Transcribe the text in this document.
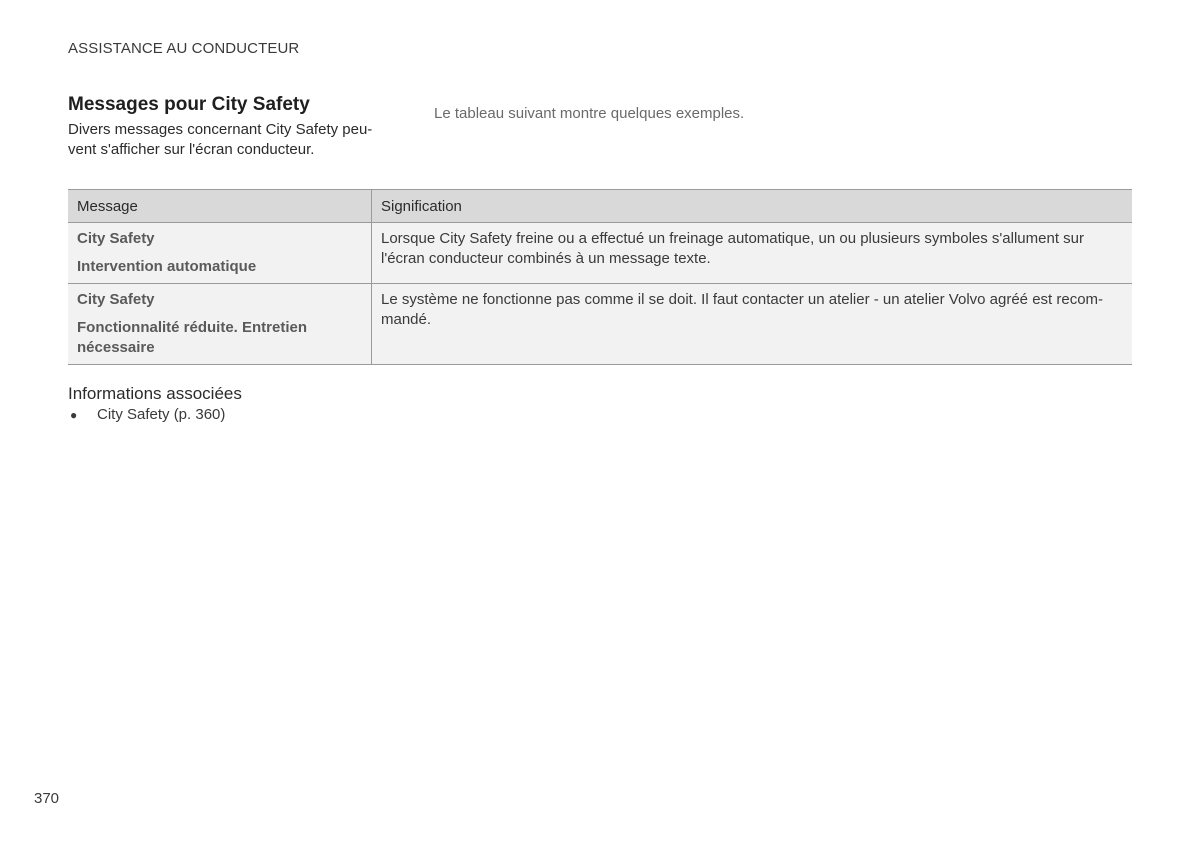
ASSISTANCE AU CONDUCTEUR
Messages pour City Safety
Divers messages concernant City Safety peu-
vent s'afficher sur l'écran conducteur.
Le tableau suivant montre quelques exemples.
Message	Signification

City Safety
Intervention automatique	Lorsque City Safety freine ou a effectué un freinage automatique, un ou plusieurs symboles s'allument sur
l'écran conducteur combinés à un message texte.

City Safety
Fonctionnalité réduite. Entretien
nécessaire	Le système ne fonctionne pas comme il se doit. Il faut contacter un atelier - un atelier Volvo agréé est recom-
mandé.
Informations associées
● City Safety (p. 360)
370
